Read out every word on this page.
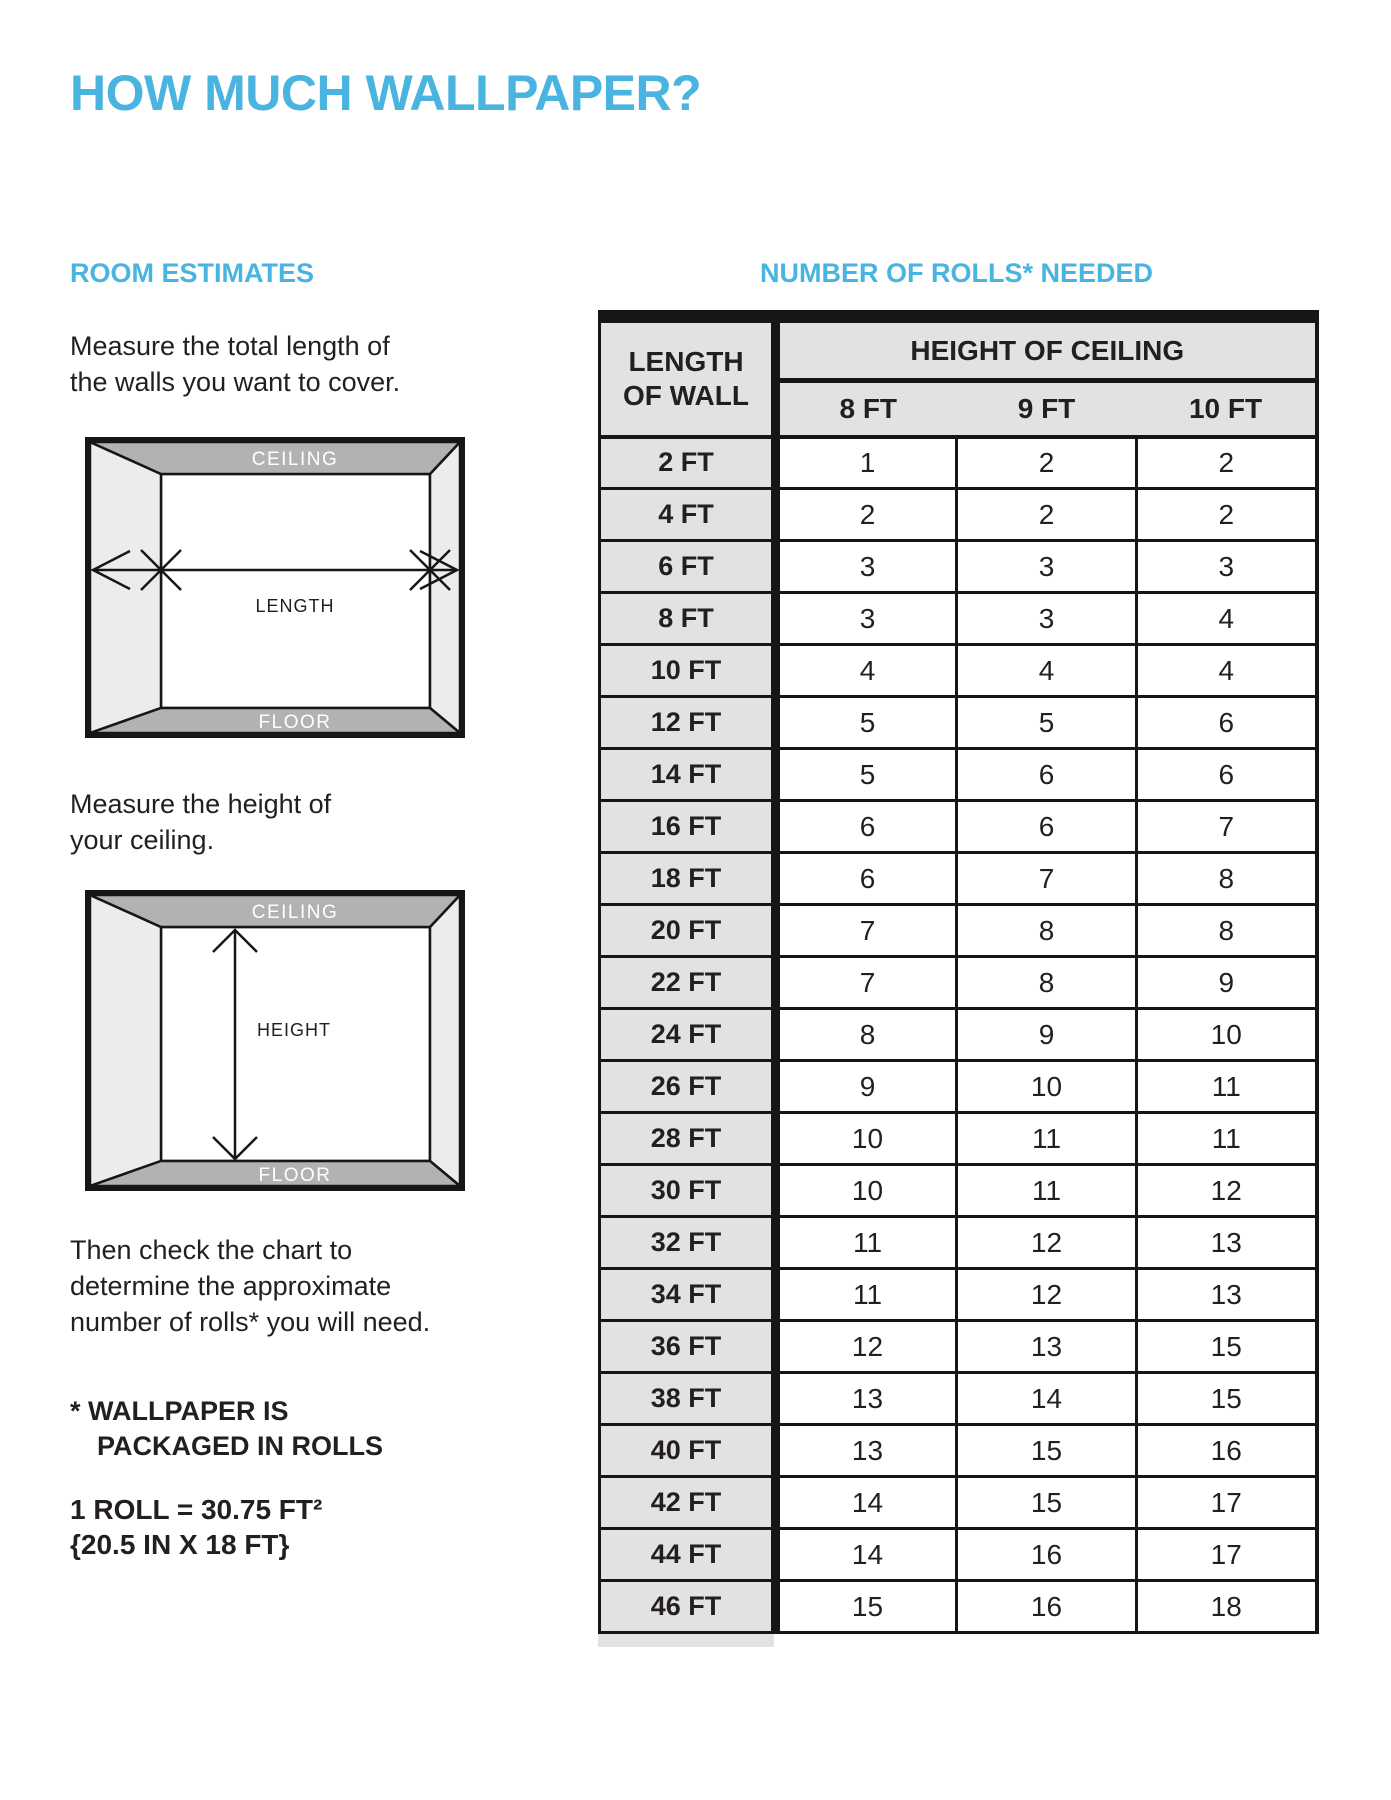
HOW MUCH WALLPAPER?
ROOM ESTIMATES	NUMBER OF ROLLS* NEEDED

Measure the total length of
the walls you want to cover.

CEILING
FLOOR
LENGTH

Measure the height of
your ceiling.

CEILING
FLOOR
HEIGHT

Then check the chart to
determine the approximate
number of rolls* you will need.

* WALLPAPER IS
PACKAGED IN ROLLS

1 ROLL = 30.75 FT²
{20.5 IN X 18 FT}

LENGTH
OF WALL	HEIGHT OF CEILING		
	8 FT	9 FT	10 FT
2 FT	1	2	2
4 FT	2	2	2
6 FT	3	3	3
8 FT	3	3	4
10 FT	4	4	4
12 FT	5	5	6
14 FT	5	6	6
16 FT	6	6	7
18 FT	6	7	8
20 FT	7	8	8
22 FT	7	8	9
24 FT	8	9	10
26 FT	9	10	11
28 FT	10	11	11
30 FT	10	11	12
32 FT	11	12	13
34 FT	11	12	13
36 FT	12	13	15
38 FT	13	14	15
40 FT	13	15	16
42 FT	14	15	17
44 FT	14	16	17
46 FT	15	16	18
